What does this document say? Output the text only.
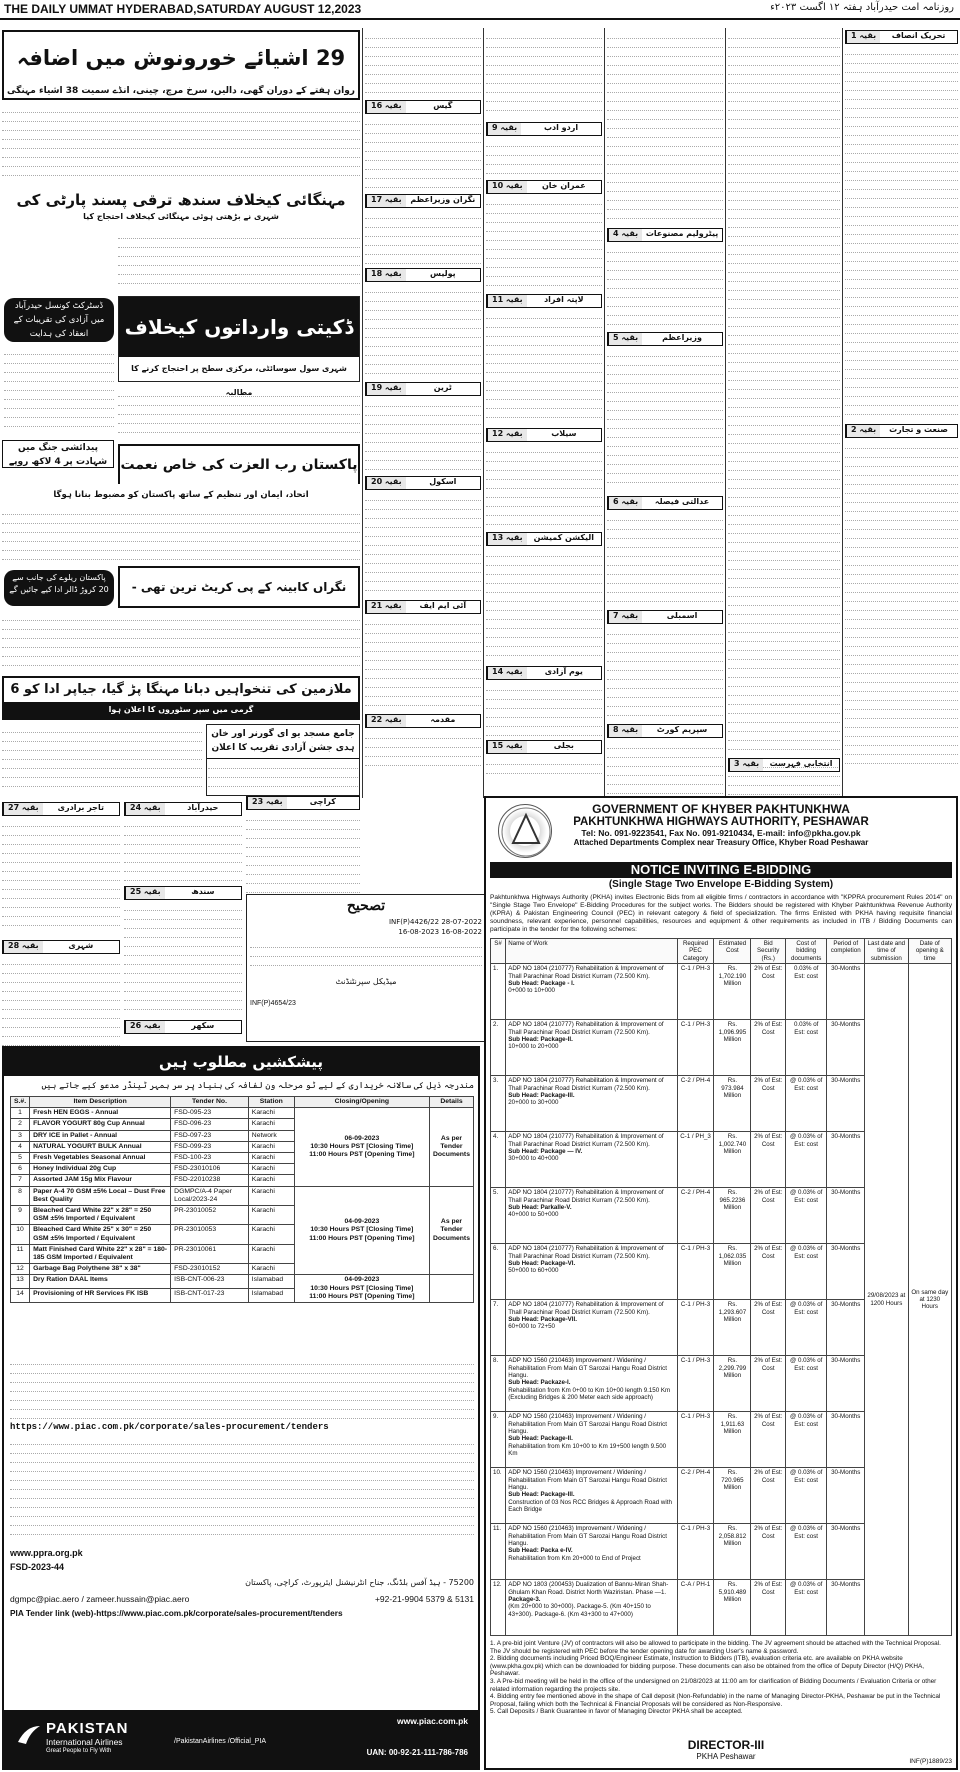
THE DAILY UMMAT HYDERABAD,SATURDAY AUGUST 12,2023	روزنامہ امت حیدرآباد ہفتہ ۱۲ اگست ۲۰۲۳ء
29 اشیائے خورونوش میں اضافہ
روان ہفتے کے دوران گھی، دالیں، سرخ مرچ، چینی، انڈے سمیت 38 اشیاء مہنگی
مہنگائی کیخلاف سندھ ترقی پسند پارٹی کی
شہری نے بڑھتی ہوئی مہنگائی کیخلاف احتجاج کیا
ڈسٹرکٹ کونسل حیدرآباد میں آزادی کی تقریبات کے انعقاد کی ہدایت	ڈکیتی وارداتوں کیخلاف
شہری سول سوسائٹی، مرکزی سطح پر احتجاج کرنے کا مطالبہ
پیدائشی جنگ میں شہادت پر 4 لاکھ روپے	پاکستان رب العزت کی خاص نعمت
اتحاد، ایمان اور تنظیم کے ساتھ پاکستان کو مضبوط بنانا ہوگا
نگراں کابینہ کے پی کریٹ ترین تھی -
پاکستان ریلوے کی جانب سے 20 کروڑ ڈالر ادا کیے جائیں گے
ملازمین کی تنخواہیں دبانا مہنگا پڑ گیا، جیاپر ادا کو 6
گرمی میں سپر سٹوروں کا اعلان ہوا
جامع مسجد یو ای گورنر اور خان ہدی جشن آزادی تقریب کا اعلان
بقیہ 27	تاجر برادری
بقیہ 28	شہری
بقیہ 24	حیدرآباد
بقیہ 25	سندھ
بقیہ 26	سکھر
بقیہ 23	کراچی
تصحیح
INF(P)4426/22 28-07-2022
16-08-2022 16-08-2023
میڈیکل سپرنٹنڈنٹ
INF(P)4654/23
بقیہ 16	گیس
بقیہ 17	نگران وزیراعظم
بقیہ 18	پولیس
بقیہ 19	ٹرین
بقیہ 20	اسکول
بقیہ 21	آئی ایم ایف
بقیہ 22	مقدمہ
بقیہ 9	اردو ادب
بقیہ 10	عمران خان
بقیہ 11	لاپتہ افراد
بقیہ 12	سیلاب
بقیہ 13	الیکشن کمیشن
بقیہ 14	یوم آزادی
بقیہ 15	بجلی
بقیہ 4 پیٹرولیم مصنوعات
بقیہ 5	وزیراعظم
بقیہ 6	عدالتی فیصلہ
بقیہ 7	اسمبلی
بقیہ 8	سپریم کورٹ
بقیہ 1	تحریک انصاف
بقیہ 2	صنعت و تجارت
بقیہ 3	انتخابی فہرست
GOVERNMENT OF KHYBER PAKHTUNKHWA
PAKHTUNKHWA HIGHWAYS AUTHORITY, PESHAWAR
Tel: No. 091-9223541, Fax No. 091-9210434, E-mail: info@pkha.gov.pk
Attached Departments Complex near Treasury Office, Khyber Road Peshawar
NOTICE INVITING E-BIDDING
(Single Stage Two Envelope E-Bidding System)
Pakhtunkhwa Highways Authority (PKHA) invites Electronic Bids from all eligible firms / contractors in accordance with "KPPRA procurement Rules 2014" on "Single Stage Two Envelope" E-Bidding Procedures for the subject works. The Bidders should be registered with Khyber Pakhtunkhwa Revenue Authority (KPRA) & Pakistan Engineering Council (PEC) in relevant category & field of specialization. The firms Enlisted with PKHA having requisite financial soundness, relevant experience, personnel capabilities, resources and equipment & other requirements as included in ITB / Bidding Documents can participate in the tender for the following schemes:
S#	Name of Work	Required PEC Category	Estimated Cost	Bid Security (Rs.)	Cost of bidding documents	Period of completion	Last date and time of submission	Date of opening & time
1.	ADP NO 1804 (210777) Rehabilitation & Improvement of Thall Parachinar Road District Kurram (72.500 Km).
Sub Head: Package - I.
0+000 to 10+000	C-1 / PH-3	Rs. 1,702.190 Million	2% of Est: Cost	0.03% of Est: cost	30-Months	29/08/2023 at 1200 Hours	On same day at 1230 Hours
2.	ADP NO 1804 (210777) Rehabilitation & Improvement of Thall Parachinar Road District Kurram (72.500 Km).
Sub Head: Package-II.
10+000 to 20+000	C-1 / PH-3	Rs. 1,096.995 Million	2% of Est: Cost	0.03% of Est: cost	30-Months		
3.	ADP NO 1804 (210777) Rehabilitation & Improvement of Thall Parachinar Road District Kurram (72.500 Km).
Sub Head: Package-III.
20+000 to 30+000	C-2 / PH-4	Rs. 973.984 Million	2% of Est: Cost	@ 0.03% of Est: cost	30-Months		
4.	ADP NO 1804 (210777) Rehabilitation & Improvement of Thall Parachinar Road District Kurram (72.500 Km).
Sub Head: Package — IV.
30+000 to 40+000	C-1 / PH_3	Rs. 1,002.740 Million	2% of Est: Cost	@ 0.03% of Est: cost	30-Months		
5.	ADP NO 1804 (210777) Rehabilitation & Improvement of Thall Parachinar Road District Kurram (72.500 Km).
Sub Head: Parkalle-V.
40+000 to 50+000	C-2 / PH-4	Rs. 965.2236 Million	2% of Est: Cost	@ 0.03% of Est: cost	30-Months		
6.	ADP NO 1804 (210777) Rehabilitation & Improvement of Thall Parachinar Road District Kurram (72.500 Km).
Sub Head: Package-VI.
50+000 to 60+000	C-1 / PH-3	Rs. 1,062.035 Million	2% of Est: Cost	@ 0.03% of Est: cost	30-Months		
7.	ADP NO 1804 (210777) Rehabilitation & Improvement of Thall Parachinar Road District Kurram (72.500 Km).
Sub Head: Package-VII.
60+000 to 72+50	C-1 / PH-3	Rs. 1,293.607 Million	2% of Est: Cost	@ 0.03% of Est: cost	30-Months		
8.	ADP NO 1560 (210463) Improvement / Widening / Rehabilitation From Main GT Sarozai Hangu Road District Hangu.
Sub Head: Packaze-I.
Rehabilitation from Km 0+00 to Km 10+00 length 9.150 Km (Excluding Bridges & 200 Meter each side approach)	C-1 / PH-3	Rs. 2,299.799 Million	2% of Est: Cost	@ 0.03% of Est: cost	30-Months		
9.	ADP NO 1560 (210463) Improvement / Widening / Rehabilitation From Main GT Sarozai Hangu Road District Hangu.
Sub Head: Package-II.
Rehabilitation from Km 10+00 to Km 19+500 length 9.500 Km	C-1 / PH-3	Rs. 1,911.63 Million	2% of Est: Cost	@ 0.03% of Est: cost	30-Months		
10.	ADP NO 1560 (210463) Improvement / Widening / Rehabilitation From Main GT Sarozai Hangu Road District Hangu.
Sub Head: Package-III.
Construction of 03 Nos RCC Bridges & Approach Road with Each Bridge	C-2 / PH-4	Rs. 720.965 Million	2% of Est: Cost	@ 0.03% of Est: cost	30-Months		
11.	ADP NO 1560 (210463) Improvement / Widening / Rehabilitation From Main GT Sarozai Hangu Road District Hangu.
Sub Head: Packa e-IV.
Rehabilitation from Km 20+000 to End of Project	C-1 / PH-3	Rs. 2,058.812 Million	2% of Est: Cost	@ 0.03% of Est: cost	30-Months		
12.	ADP NO 1803 (200453) Dualization of Bannu-Miran Shah-Ghulam Khan Road. District North Waziristan. Phase —1.
Package-3.
(Km 20+000 to 30+000). Package-5. (Km 40+150 to 43+300). Package-6. (Km 43+300 to 47+000)	C-A / PH-1	Rs. 5,910.489 Million	2% of Est: Cost	@ 0.03% of Est: cost	30-Months		
1. A pre-bid joint Venture (JV) of contractors will also be allowed to participate in the bidding. The JV agreement should be attached with the Technical Proposal. The JV should be registered with PEC before the tender opening date for awarding User's name & password.
2. Bidding documents including Priced BOQ/Engineer Estimate, Instruction to Bidders (ITB), evaluation criteria etc. are available on PKHA website (www.pkha.gov.pk) which can be downloaded for bidding purpose. These documents can also be obtained from the office of Deputy Director (H/Q) PKHA, Peshawar.
3. A Pre-bid meeting will be held in the office of the undersigned on 21/08/2023 at 11:00 am for clarification of Bidding Documents / Evaluation Criteria or other related information regarding the projects site.
4. Bidding entry fee mentioned above in the shape of Call deposit (Non-Refundable) in the name of Managing Director-PKHA, Peshawar be put in the Technical Proposal, failing which both the Technical & Financial Proposals will be considered as Non-Responsive.
5. Call Deposits / Bank Guarantee in favor of Managing Director PKHA shall be accepted.
DIRECTOR-III
PKHA Peshawar
INF(P)1889/23
پیشکشیں مطلوب ہیں
مندرجہ ذیل کی سالانہ خریداری کے لیے ٹو مرحلہ ون لفافہ کی بنیاد پر سر بمہر ٹینڈر مدعو کیے جاتے ہیں
S.#.	Item Description	Tender No.	Station	Closing/Opening	Details
1	Fresh HEN EGGS - Annual	FSD-095-23	Karachi	06-09-2023
10:30 Hours PST [Closing Time]
11:00 Hours PST [Opening Time]	As per Tender Documents
2	FLAVOR YOGURT 80g Cup Annual	FSD-096-23	Karachi		
3	DRY ICE in Pallet - Annual	FSD-097-23	Network		
4	NATURAL YOGURT BULK Annual	FSD-099-23	Karachi		
5	Fresh Vegetables Seasonal Annual	FSD-100-23	Karachi		
6	Honey Individual 20g Cup	FSD-23010106	Karachi		
7	Assorted JAM 15g Mix Flavour	FSD-22010238	Karachi		
8	Paper A-4 70 GSM ±5% Local – Dust Free Best Quality	DGMPC/A-4 Paper Local/2023-24	Karachi	04-09-2023
10:30 Hours PST [Closing Time]
11:00 Hours PST [Opening Time]	As per Tender Documents
9	Bleached Card White 22" x 28" = 250 GSM ±5% Imported / Equivalent	PR-23010052	Karachi		
10	Bleached Card White 25" x 30" = 250 GSM ±5% Imported / Equivalent	PR-23010053	Karachi		
11	Matt Finished Card White 22" x 28" = 180-185 GSM Imported / Equivalent	PR-23010061	Karachi		
12	Garbage Bag Polythene 38" x 38"	FSD-23010152	Karachi		
13	Dry Ration DAAL Items	ISB-CNT-006-23	Islamabad	04-09-2023
10:30 Hours PST [Closing Time]
11:00 Hours PST [Opening Time]	

14	Provisioning of HR Services FK ISB	ISB-CNT-017-23	Islamabad		
https://www.piac.com.pk/corporate/sales-procurement/tenders
www.ppra.org.pk
FSD-2023-44
75200 - ہیڈ آفس بلڈنگ، جناح انٹرنیشنل ایئرپورٹ، کراچی، پاکستان
dgmpc@piac.aero / zameer.hussain@piac.aero	+92-21-9904 5379 & 5131
PIA Tender link (web)-https://www.piac.com.pk/corporate/sales-procurement/tenders
PAKISTAN
International Airlines
Great People to Fly With
/PakistanAirlines /Official_PIA
www.piac.com.pk
UAN: 00-92-21-111-786-786
